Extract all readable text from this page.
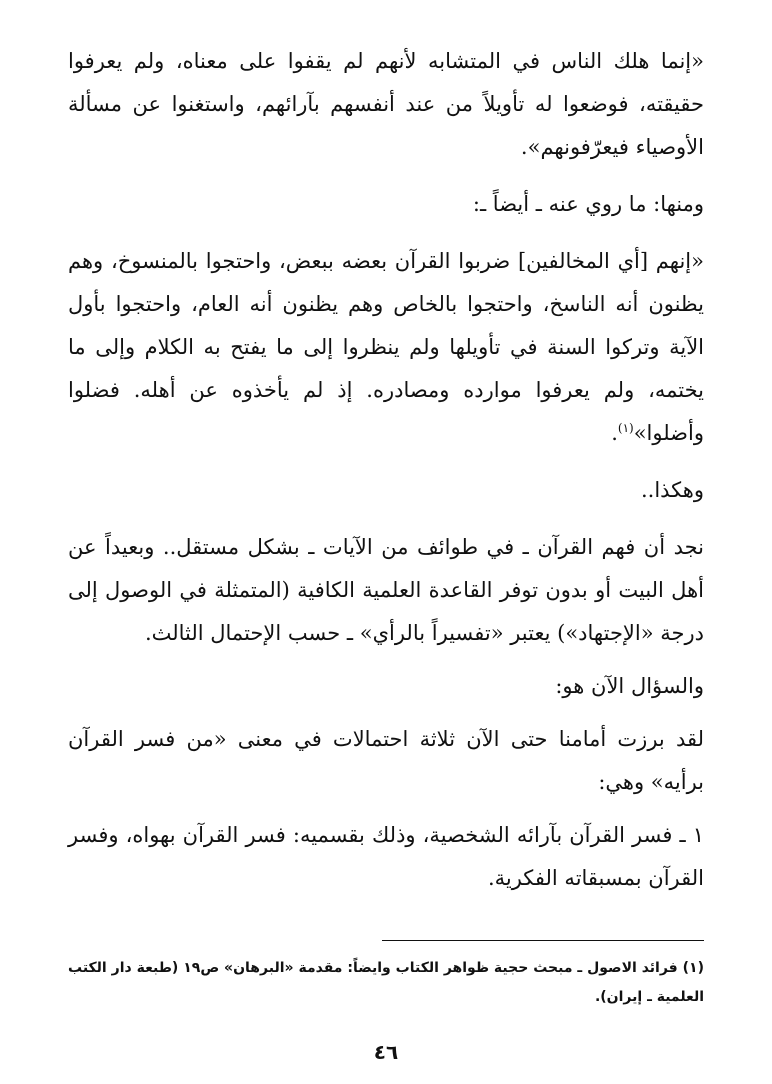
«إنما هلك الناس في المتشابه لأنهم لم يقفوا على معناه، ولم يعرفوا حقيقته، فوضعوا له تأويلاً من عند أنفسهم بآرائهم، واستغنوا عن مسألة الأوصياء فيعرّفونهم».

ومنها: ما روي عنه ـ أيضاً ـ:

«إنهم [أي المخالفين] ضربوا القرآن بعضه ببعض، واحتجوا بالمنسوخ، وهم يظنون أنه الناسخ، واحتجوا بالخاص وهم يظنون أنه العام، واحتجوا بأول الآية وتركوا السنة في تأويلها ولم ينظروا إلى ما يفتح به الكلام وإلى ما يختمه، ولم يعرفوا موارده ومصادره. إذ لم يأخذوه عن أهله. فضلوا وأضلوا»$^{(١)}$.

وهكذا..

نجد أن فهم القرآن ـ في طوائف من الآيات ـ بشكل مستقل.. وبعيداً عن أهل البيت أو بدون توفر القاعدة العلمية الكافية (المتمثلة في الوصول إلى درجة «الإجتهاد») يعتبر «تفسيراً بالرأي» ـ حسب الإحتمال الثالث.

والسؤال الآن هو:

لقد برزت أمامنا حتى الآن ثلاثة احتمالات في معنى «من فسر القرآن برأيه» وهي:

١ ـ فسر القرآن بآرائه الشخصية، وذلك بقسميه: فسر القرآن بهواه، وفسر القرآن بمسبقاته الفكرية.

(١) فرائد الاصول ـ مبحث حجية ظواهر الكتاب وايضاً: مقدمة «البرهان» ص١٩ (طبعة دار الكتب العلمية ـ إيران).
٤٦
